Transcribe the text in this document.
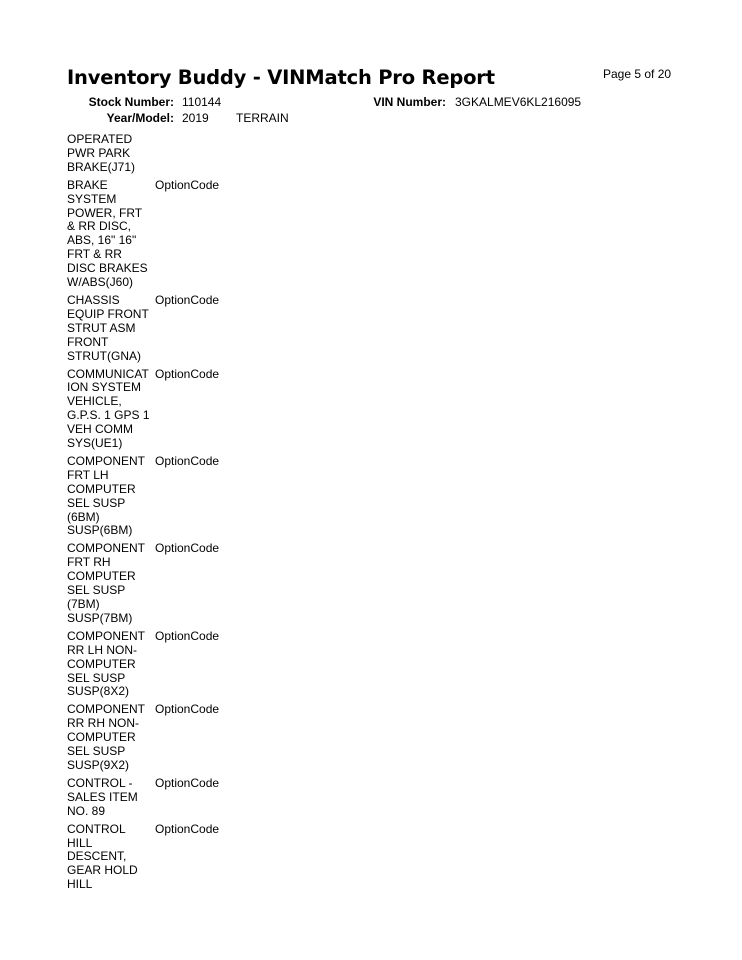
Inventory Buddy - VINMatch Pro Report	Page 5 of 20
Stock Number: 110144	VIN Number: 3GKALMEV6KL216095
Year/Model: 2019 TERRAIN
OPERATED
PWR PARK
BRAKE(J71)
BRAKE
SYSTEM
POWER, FRT
& RR DISC,
ABS, 16" 16"
FRT & RR
DISC BRAKES
W/ABS(J60)
OptionCode
CHASSIS
EQUIP FRONT
STRUT ASM
FRONT
STRUT(GNA)
OptionCode
COMMUNICAT
ION SYSTEM
VEHICLE,
G.P.S. 1 GPS 1
VEH COMM
SYS(UE1)
OptionCode
COMPONENT
FRT LH
COMPUTER
SEL SUSP
(6BM)
SUSP(6BM)
OptionCode
COMPONENT
FRT RH
COMPUTER
SEL SUSP
(7BM)
SUSP(7BM)
OptionCode
COMPONENT
RR LH NON-
COMPUTER
SEL SUSP
SUSP(8X2)
OptionCode
COMPONENT
RR RH NON-
COMPUTER
SEL SUSP
SUSP(9X2)
OptionCode
CONTROL -
SALES ITEM
NO. 89
OptionCode
CONTROL
HILL
DESCENT,
GEAR HOLD
HILL
OptionCode
